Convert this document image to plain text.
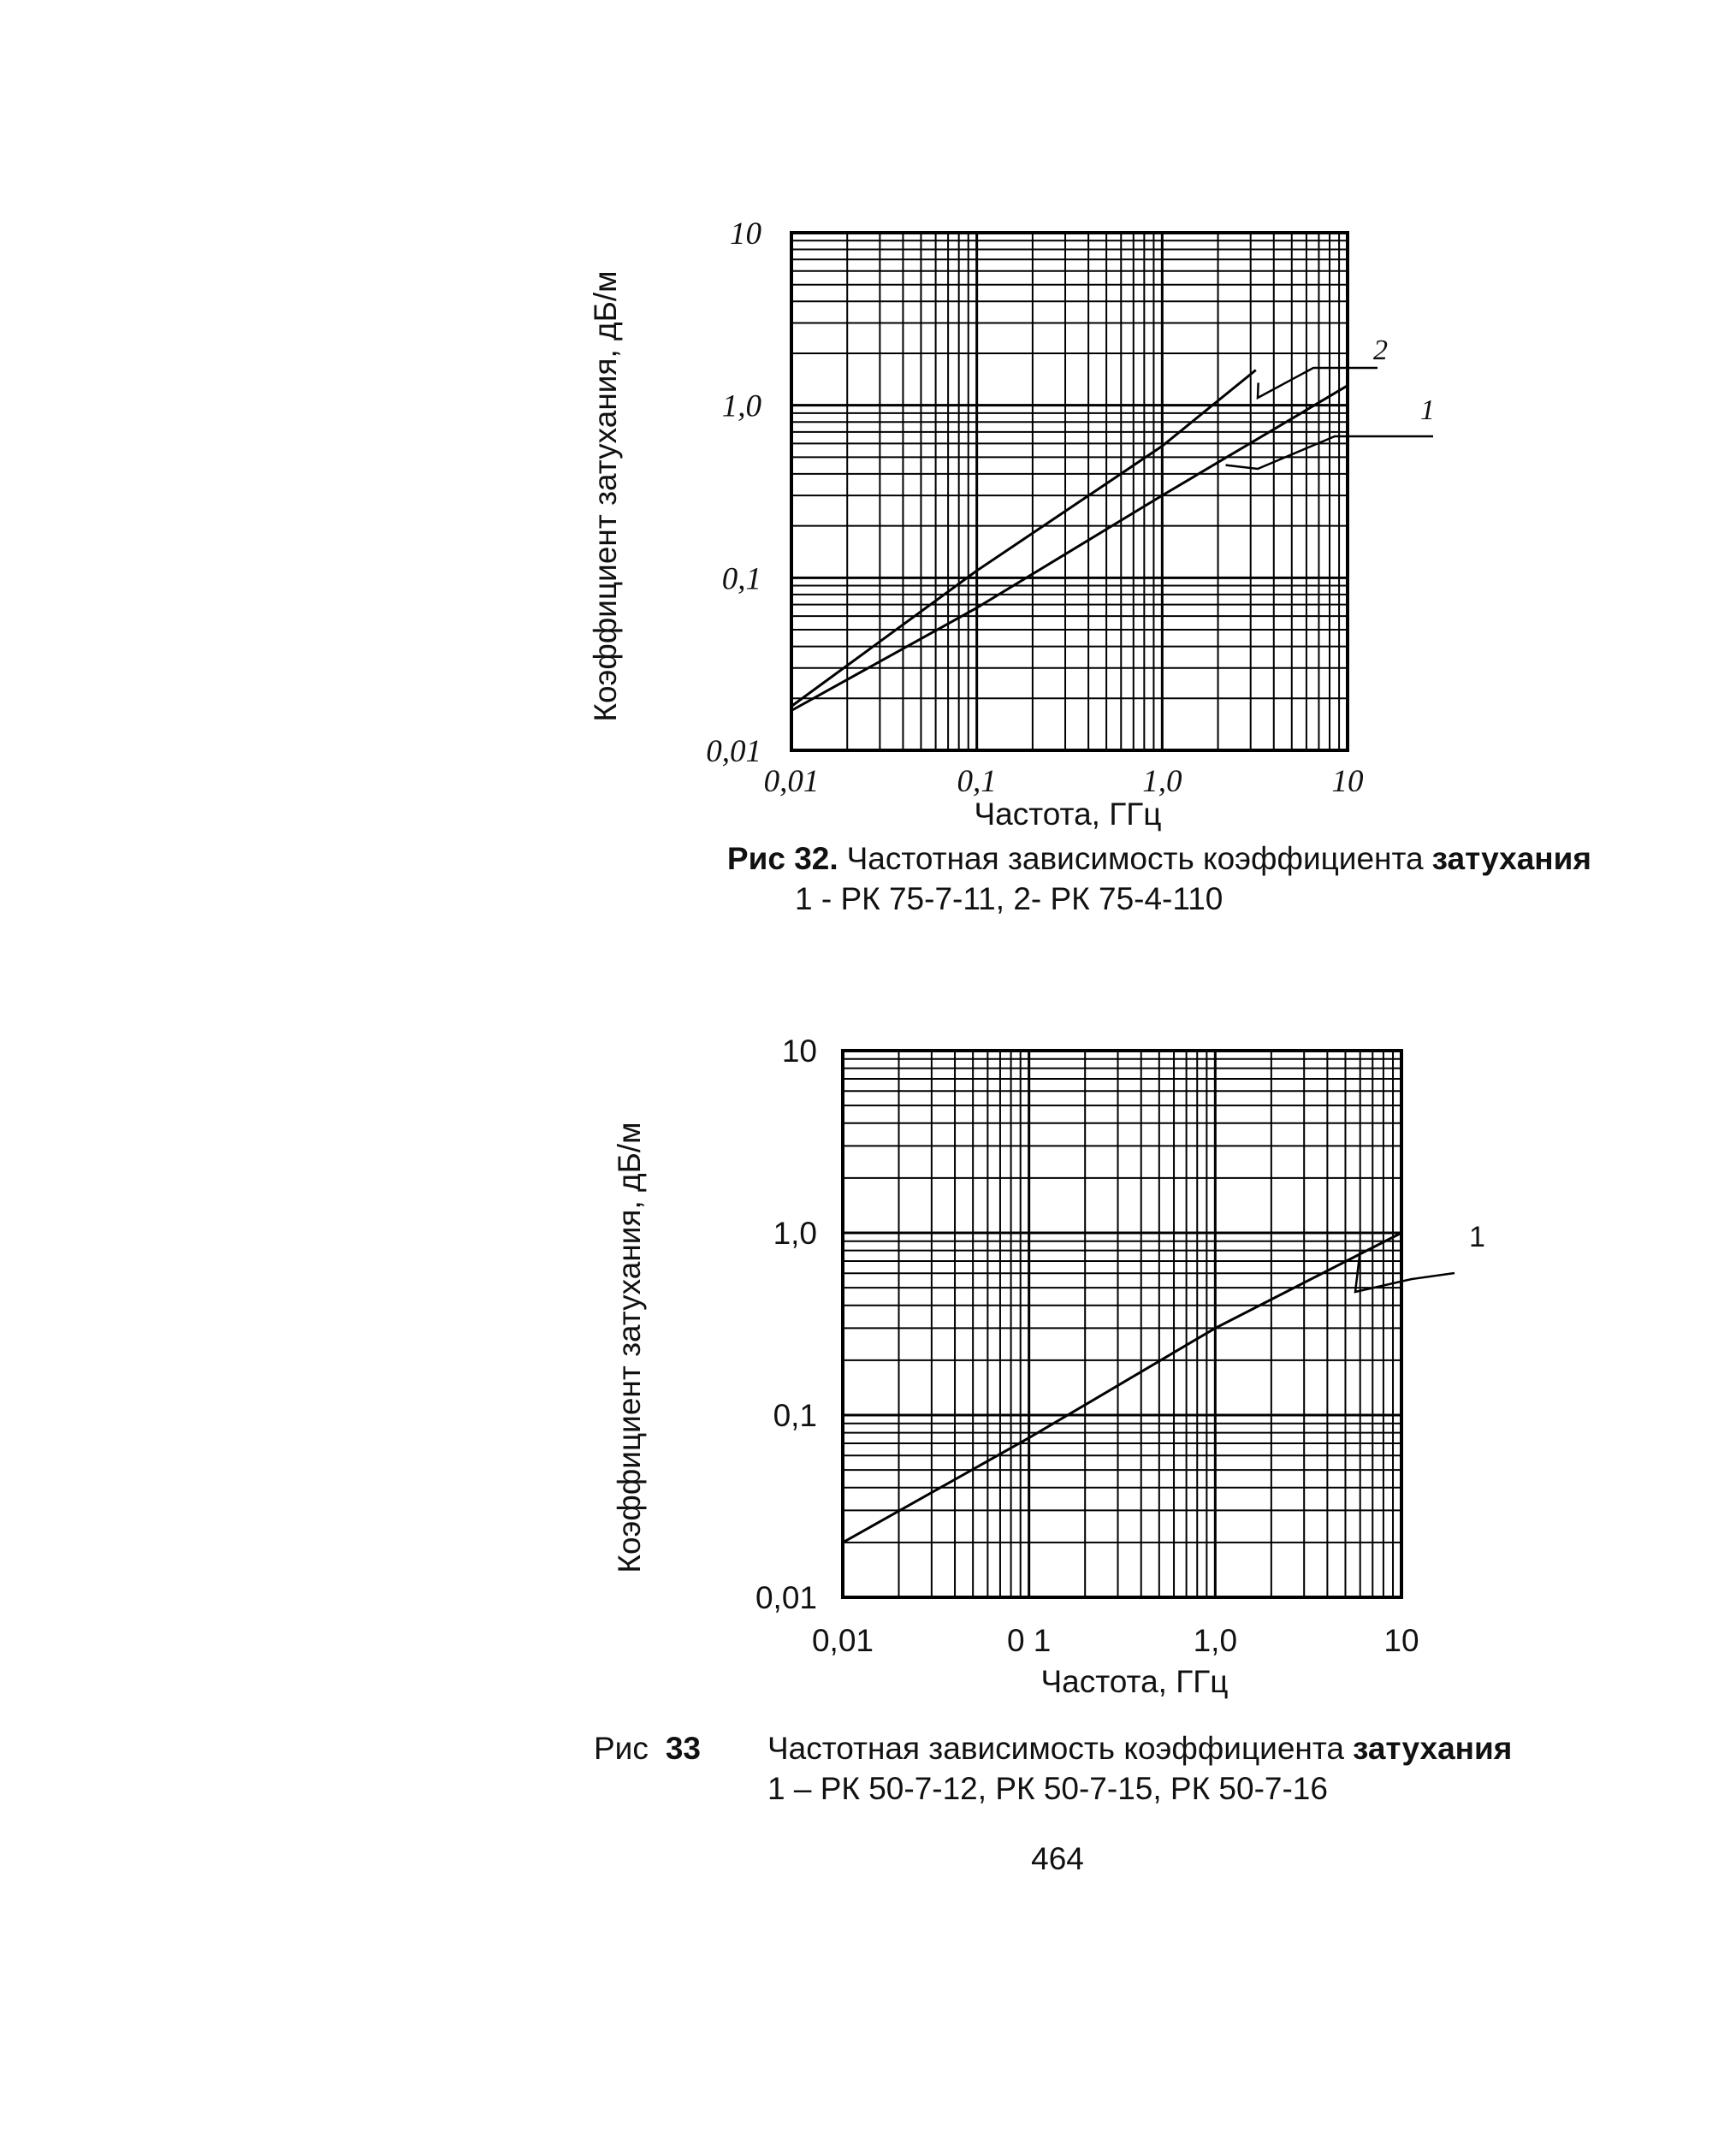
2
1
10
1,0
0,1
0,01
0,01	0,1	1,0	10
Коэффициент затухания, дБ/м
Частота, ГГц
Рис 32. Частотная зависимость коэффициента затухания
1 - РК 75-7-11, 2- РК 75-4-110
1
10
1,0
0,1
0,01
0,01	0 1	1,0	10
Коэффициент затухания, дБ/м
Частота, ГГц
Рис 33 Частотная зависимость коэффициента затухания
1 – РК 50-7-12, РК 50-7-15, РК 50-7-16
464
